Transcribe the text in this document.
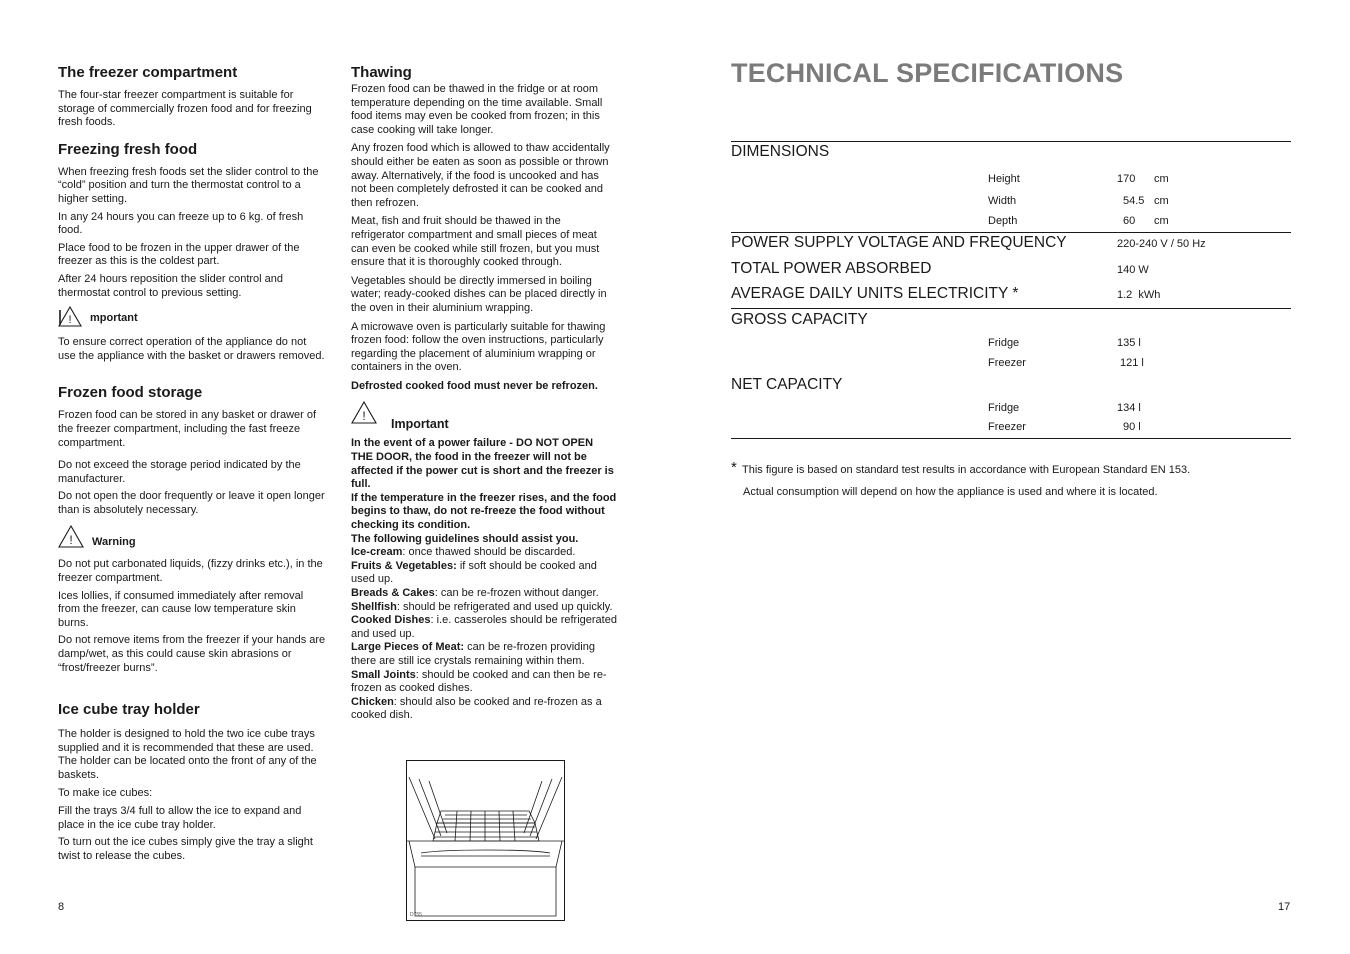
The freezer compartment

The four-star freezer compartment is suitable for storage of commercially frozen food and for freezing fresh foods.

Freezing fresh food

When freezing fresh foods set the slider control to the “cold” position and turn the thermostat control to a higher setting.

In any 24 hours you can freeze up to 6 kg. of fresh food.

Place food to be frozen in the upper drawer of the freezer as this is the coldest part.

After 24 hours reposition the slider control and thermostat control to previous setting.

! mportant

To ensure correct operation of the appliance do not use the appliance with the basket or drawers removed.

Frozen food storage

Frozen food can be stored in any basket or drawer of the freezer compartment, including the fast freeze compartment.

Do not exceed the storage period indicated by the manufacturer.

Do not open the door frequently or leave it open longer than is absolutely necessary.

! Warning

Do not put carbonated liquids, (fizzy drinks etc.), in the freezer compartment.

Ices lollies, if consumed immediately after removal from the freezer, can cause low temperature skin burns.

Do not remove items from the freezer if your hands are damp/wet, as this could cause skin abrasions or “frost/freezer burns”.

Ice cube tray holder

The holder is designed to hold the two ice cube trays supplied and it is recommended that these are used. The holder can be located onto the front of any of the baskets.

To make ice cubes:

Fill the trays 3/4 full to allow the ice to expand and place in the ice cube tray holder.

To turn out the ice cubes simply give the tray a slight twist to release the cubes.

Thawing

Frozen food can be thawed in the fridge or at room temperature depending on the time available. Small food items may even be cooked from frozen; in this case cooking will take longer.

Any frozen food which is allowed to thaw accidentally should either be eaten as soon as possible or thrown away. Alternatively, if the food is uncooked and has not been completely defrosted it can be cooked and then refrozen.

Meat, fish and fruit should be thawed in the refrigerator compartment and small pieces of meat can even be cooked while still frozen, but you must ensure that it is thoroughly cooked through.

Vegetables should be directly immersed in boiling water; ready-cooked dishes can be placed directly in the oven in their aluminium wrapping.

A microwave oven is particularly suitable for thawing frozen food: follow the oven instructions, particularly regarding the placement of aluminium wrapping or containers in the oven.

Defrosted cooked food must never be refrozen.

!
Important

In the event of a power failure - DO NOT OPEN THE DOOR, the food in the freezer will not be affected if the power cut is short and the freezer is full.

If the temperature in the freezer rises, and the food begins to thaw, do not re-freeze the food without checking its condition.

The following guidelines should assist you.

Ice-cream: once thawed should be discarded.

Fruits & Vegetables: if soft should be cooked and used up.

Breads & Cakes: can be re-frozen without danger.

Shellfish: should be refrigerated and used up quickly.

Cooked Dishes: i.e. casseroles should be refrigerated and used up.

Large Pieces of Meat: can be re-frozen providing there are still ice crystals remaining within them.

Small Joints: should be cooked and can then be re-frozen as cooked dishes.

Chicken: should also be cooked and re-frozen as a cooked dish.

D755
8
TECHNICAL SPECIFICATIONS
DIMENSIONS
Height	170 cm
Width	54.5 cm
Depth	60 cm
POWER SUPPLY VOLTAGE AND FREQUENCY	220-240 V / 50 Hz
TOTAL POWER ABSORBED	140 W
AVERAGE DAILY UNITS ELECTRICITY *	1.2  kWh
GROSS CAPACITY
Fridge	135 l
Freezer	121 l
NET CAPACITY
Fridge	134 l
Freezer	90 l
* This figure is based on standard test results in accordance with European Standard EN 153.
Actual consumption will depend on how the appliance is used and where it is located.
17
